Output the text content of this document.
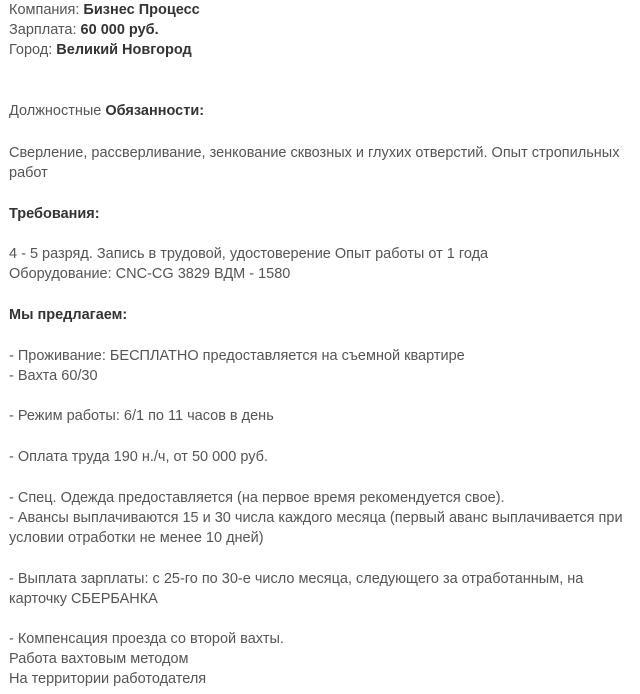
Компания: Бизнес Процесс
Зарплата: 60 000 руб.
Город: Великий Новгород
Должностные Обязанности:
Сверление, рассверливание, зенкование сквозных и глухих отверстий. Опыт стропильных
работ
Требования:
4 - 5 разряд. Запись в трудовой, удостоверение Опыт работы от 1 года
Оборудование: CNC-CG 3829 ВДМ - 1580
Мы предлагаем:
- Проживание: БЕСПЛАТНО предоставляется на съемной квартире
- Вахта 60/30
- Режим работы: 6/1 по 11 часов в день
- Оплата труда 190 н./ч, от 50 000 руб.
- Спец. Одежда предоставляется (на первое время рекомендуется свое).
- Авансы выплачиваются 15 и 30 числа каждого месяца (первый аванс выплачивается при
условии отработки не менее 10 дней)
- Выплата зарплаты: с 25-го по 30-е число месяца, следующего за отработанным, на
карточку СБЕРБАНКА
- Компенсация проезда со второй вахты.
Работа вахтовым методом
На территории работодателя
